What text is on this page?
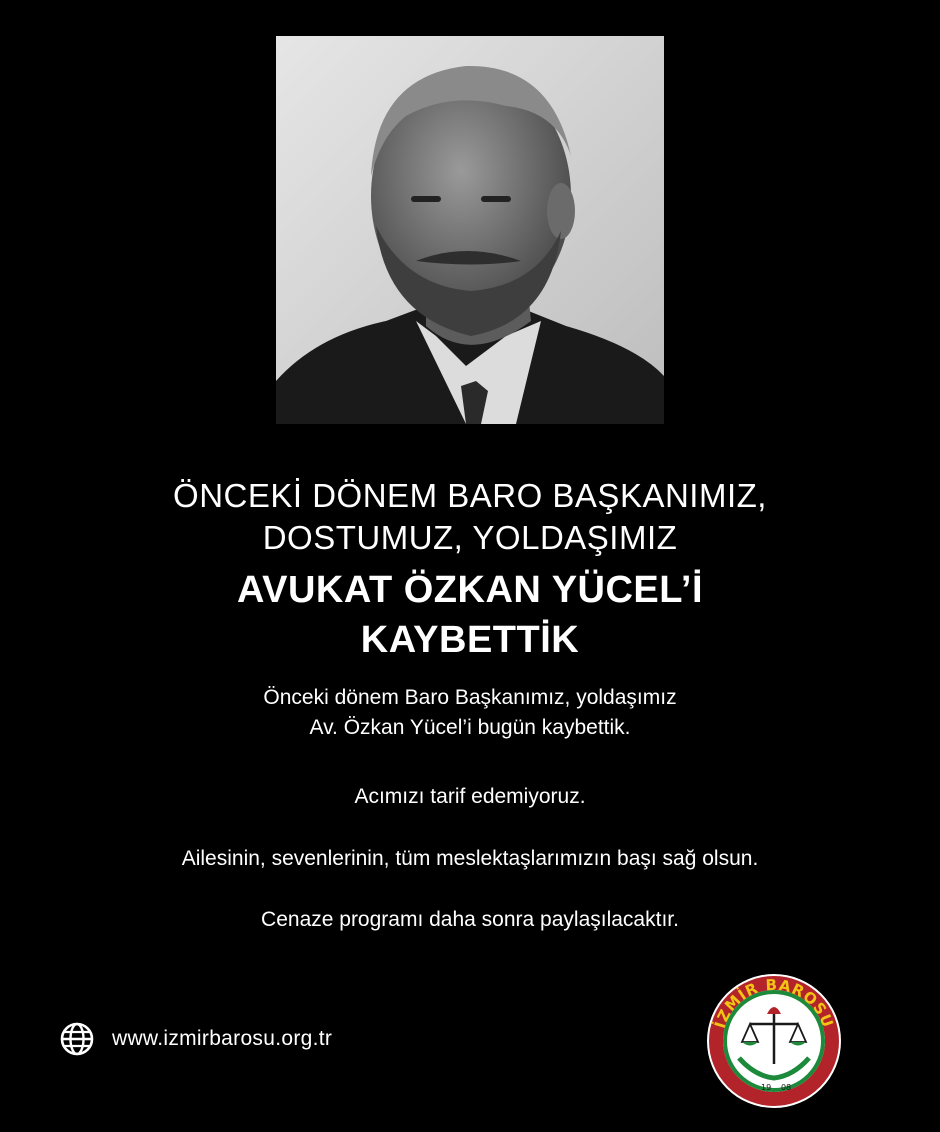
ÖNCEKİ DÖNEM BARO BAŞKANIMIZ,
DOSTUMUZ, YOLDAŞIMIZ
AVUKAT ÖZKAN YÜCEL’İ
KAYBETTİK
Önceki dönem Baro Başkanımız, yoldaşımız
Av. Özkan Yücel’i bugün kaybettik.
Acımızı tarif edemiyoruz.
Ailesinin, sevenlerinin, tüm meslektaşlarımızın başı sağ olsun.
Cenaze programı daha sonra paylaşılacaktır.
www.izmirbarosu.org.tr
İZMİR BAROSU
19 08
